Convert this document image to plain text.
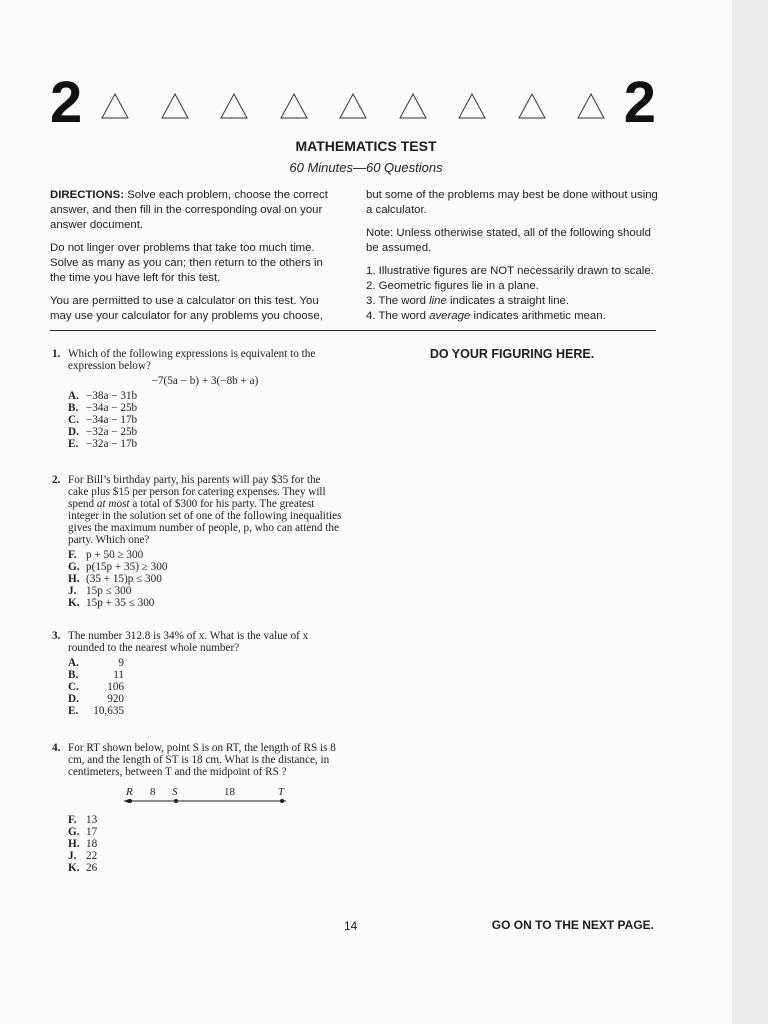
2	2
MATHEMATICS TEST
60 Minutes—60 Questions

DIRECTIONS: Solve each problem, choose the correct answer, and then fill in the corresponding oval on your answer document.

Do not linger over problems that take too much time. Solve as many as you can; then return to the others in the time you have left for this test.

You are permitted to use a calculator on this test. You may use your calculator for any problems you choose,

but some of the problems may best be done without using a calculator.

Note: Unless otherwise stated, all of the following should be assumed.

1. Illustrative figures are NOT necessarily drawn to scale.
2. Geometric figures lie in a plane.
3. The word line indicates a straight line.
4. The word average indicates arithmetic mean.
DO YOUR FIGURING HERE.
1. Which of the following expressions is equivalent to the expression below?
−7(5a − b) + 3(−8b + a)
A. −38a − 31b
B. −34a − 25b
C. −34a − 17b
D. −32a − 25b
E. −32a − 17b
2. For Bill’s birthday party, his parents will pay $35 for the cake plus $15 per person for catering expenses. They will spend at most a total of $300 for his party. The greatest integer in the solution set of one of the following inequalities gives the maximum number of people, p, who can attend the party. Which one?
F. p + 50 ≥ 300
G. p(15p + 35) ≥ 300
H. (35 + 15)p ≤ 300
J. 15p ≤ 300
K. 15p + 35 ≤ 300
3. The number 312.8 is 34% of x. What is the value of x rounded to the nearest whole number?
A.	9
B.	11
C.	106
D.	920
E.	10,635
4. For RT shown below, point S is on RT, the length of RS is 8 cm, and the length of ST is 18 cm. What is the distance, in centimeters, between T and the midpoint of RS ?
R 8 S	18	T
F. 13
G. 17
H. 18
J. 22
K. 26
14	GO ON TO THE NEXT PAGE.
